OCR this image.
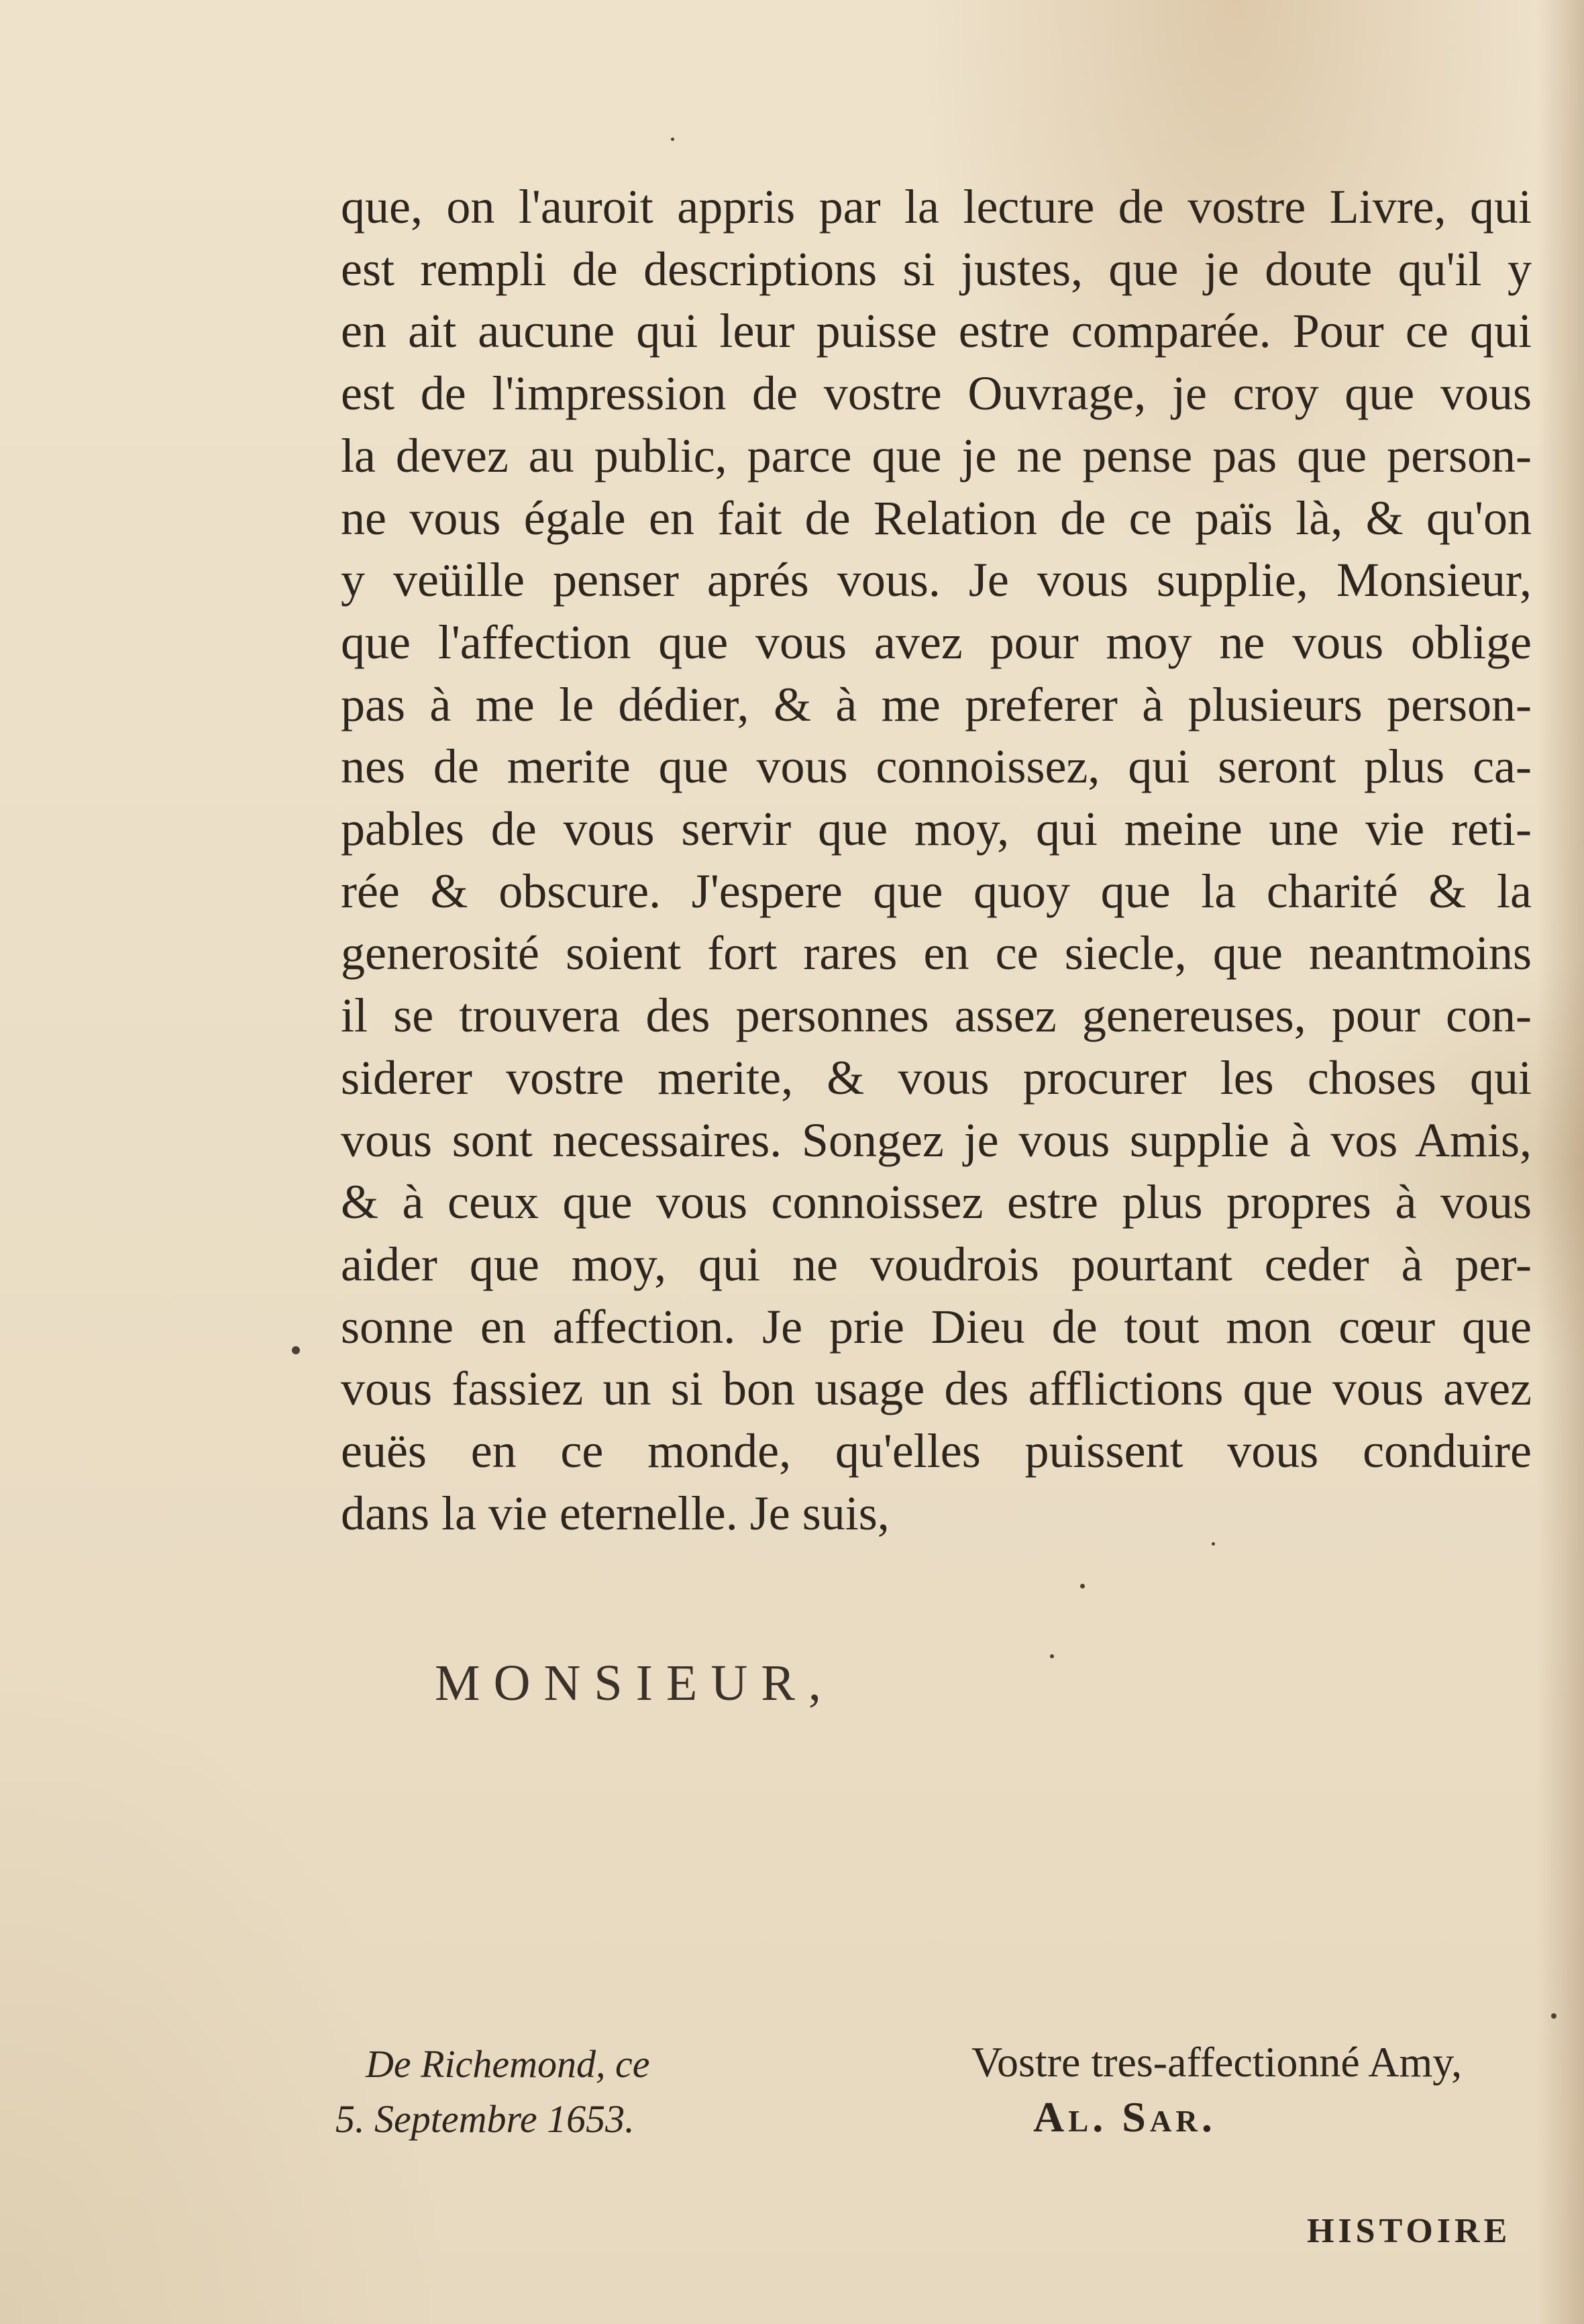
que, on l'auroit appris par la lecture de vostre Livre, qui
est rempli de descriptions si justes, que je doute qu'il y
en ait aucune qui leur puisse estre comparée. Pour ce qui
est de l'impression de vostre Ouvrage, je croy que vous
la devez au public, parce que je ne pense pas que person-
ne vous égale en fait de Relation de ce païs là, & qu'on
y veüille penser aprés vous. Je vous supplie, Monsieur,
que l'affection que vous avez pour moy ne vous oblige
pas à me le dédier, & à me preferer à plusieurs person-
nes de merite que vous connoissez, qui seront plus ca-
pables de vous servir que moy, qui meine une vie reti-
rée & obscure. J'espere que quoy que la charité & la
generosité soient fort rares en ce siecle, que neantmoins
il se trouvera des personnes assez genereuses, pour con-
siderer vostre merite, & vous procurer les choses qui
vous sont necessaires. Songez je vous supplie à vos Amis,
& à ceux que vous connoissez estre plus propres à vous
aider que moy, qui ne voudrois pourtant ceder à per-
sonne en affection. Je prie Dieu de tout mon cœur que
vous fassiez un si bon usage des afflictions que vous avez
euës en ce monde, qu'elles puissent vous conduire
dans la vie eternelle. Je suis,
MONSIEUR,
De Richemond, ce
5. Septembre 1653.
Vostre tres-affectionné Amy,
Al. Sar.
HISTOIRE
